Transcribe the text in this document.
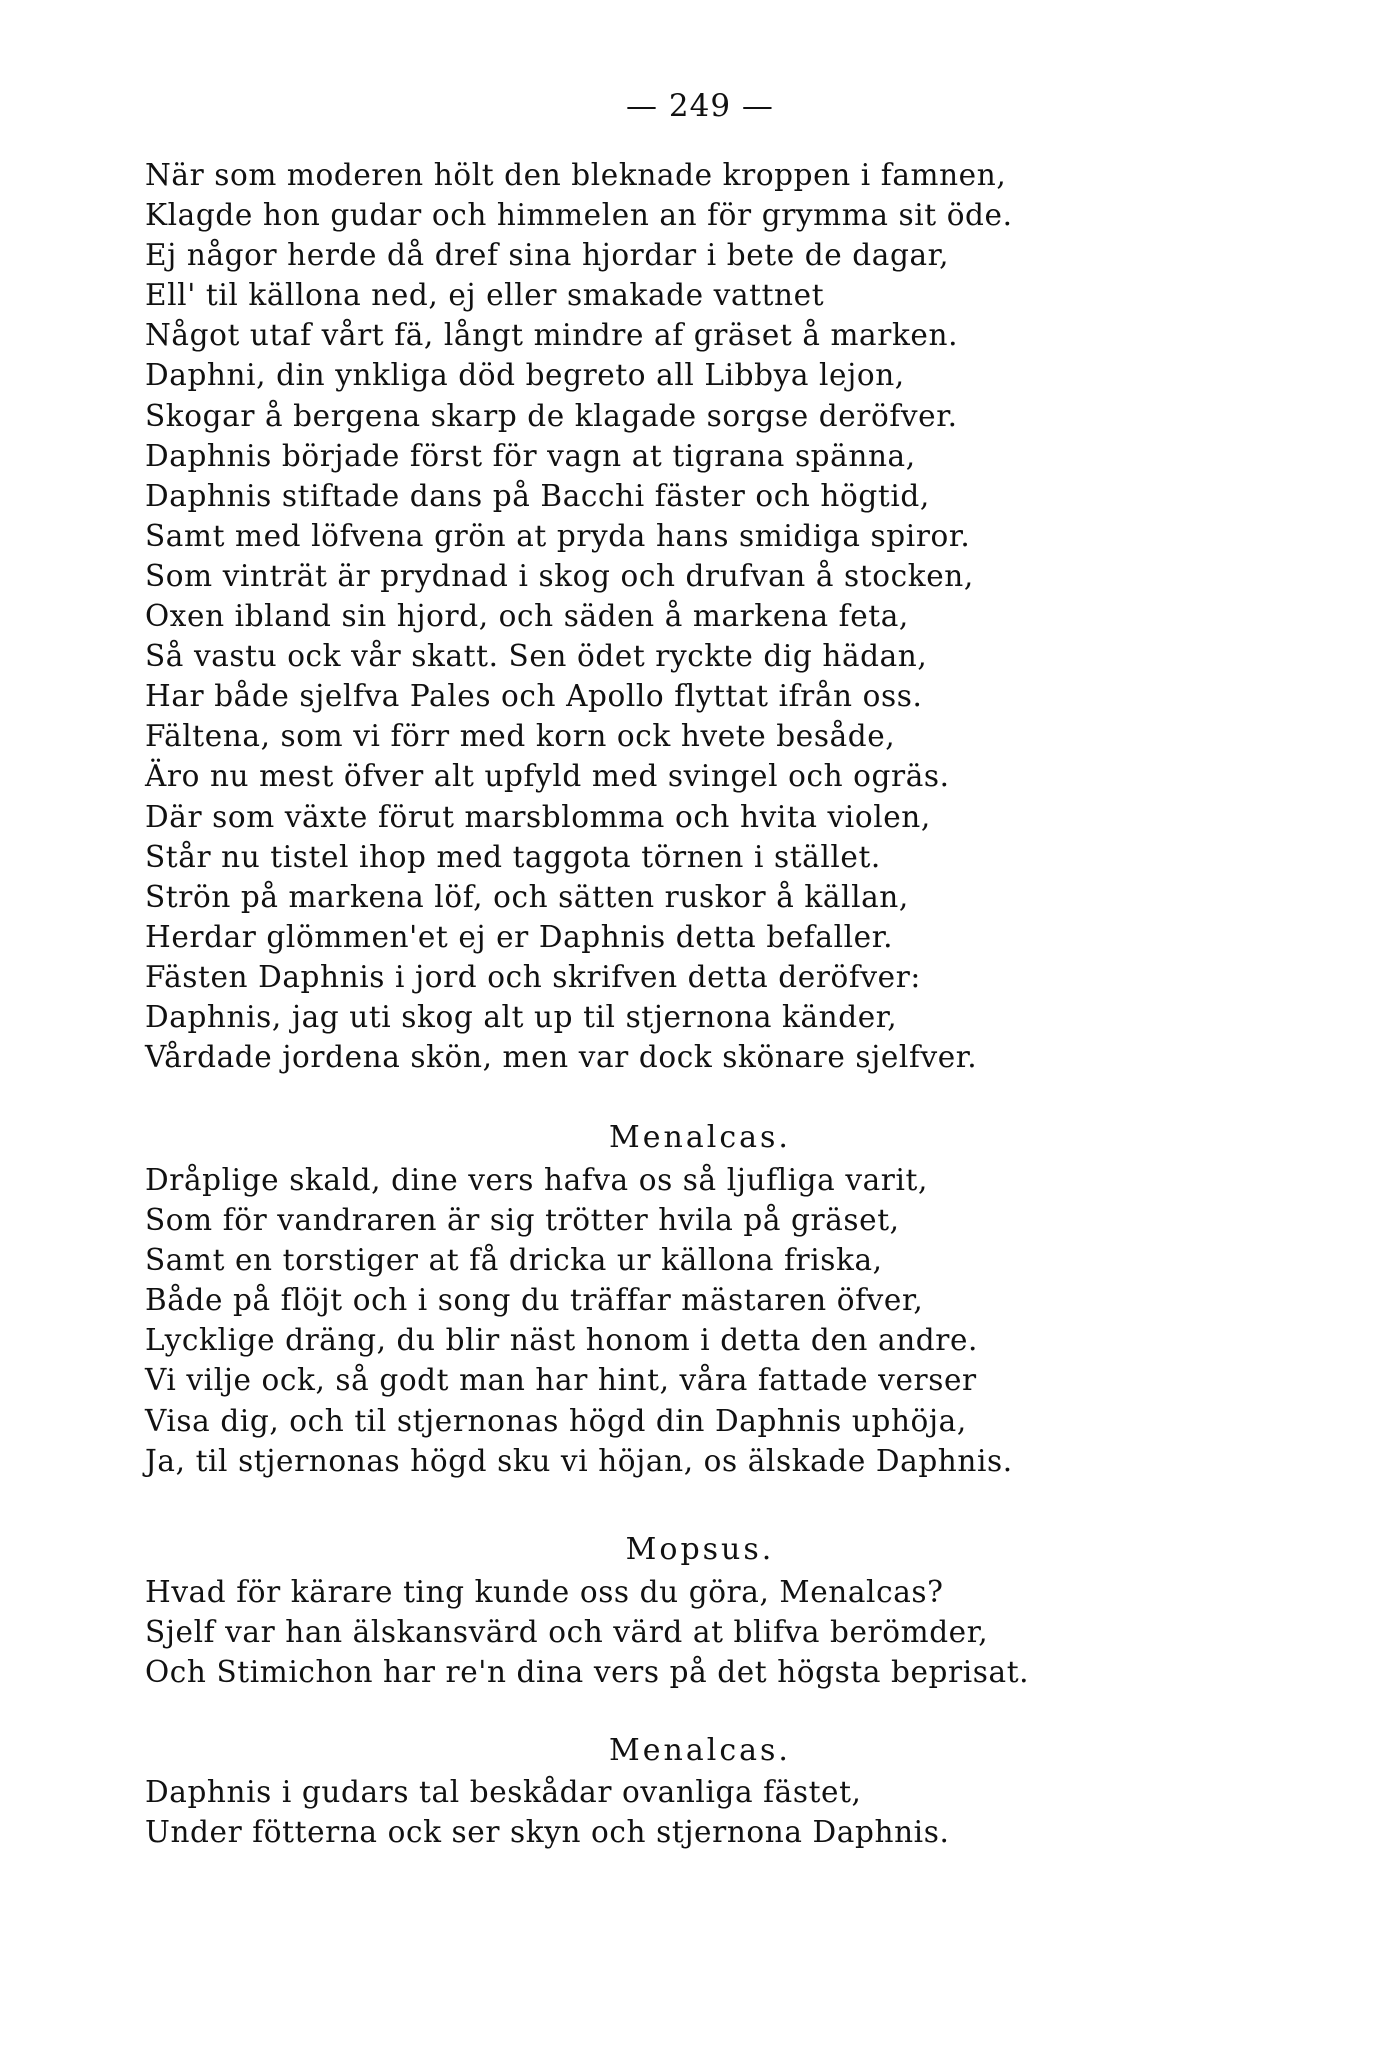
— 249 —
När som moderen hölt den bleknade kroppen i famnen,
Klagde hon gudar och himmelen an för grymma sit öde.
Ej någor herde då dref sina hjordar i bete de dagar,
Ell' til källona ned, ej eller smakade vattnet
Något utaf vårt fä, långt mindre af gräset å marken.
Daphni, din ynkliga död begreto all Libbya lejon,
Skogar å bergena skarp de klagade sorgse deröfver.
Daphnis började först för vagn at tigrana spänna,
Daphnis stiftade dans på Bacchi fäster och högtid,
Samt med löfvena grön at pryda hans smidiga spiror.
Som vinträt är prydnad i skog och drufvan å stocken,
Oxen ibland sin hjord, och säden å markena feta,
Så vastu ock vår skatt. Sen ödet ryckte dig hädan,
Har både sjelfva Pales och Apollo flyttat ifrån oss.
Fältena, som vi förr med korn ock hvete besåde,
Äro nu mest öfver alt upfyld med svingel och ogräs.
Där som växte förut marsblomma och hvita violen,
Står nu tistel ihop med taggota törnen i stället.
Strön på markena löf, och sätten ruskor å källan,
Herdar glömmen'et ej er Daphnis detta befaller.
Fästen Daphnis i jord och skrifven detta deröfver:
Daphnis, jag uti skog alt up til stjernona känder,
Vårdade jordena skön, men var dock skönare sjelfver.
Menalcas.
Dråplige skald, dine vers hafva os så ljufliga varit,
Som för vandraren är sig trötter hvila på gräset,
Samt en torstiger at få dricka ur källona friska,
Både på flöjt och i song du träffar mästaren öfver,
Lycklige dräng, du blir näst honom i detta den andre.
Vi vilje ock, så godt man har hint, våra fattade verser
Visa dig, och til stjernonas högd din Daphnis uphöja,
Ja, til stjernonas högd sku vi höjan, os älskade Daphnis.
Mopsus.
Hvad för kärare ting kunde oss du göra, Menalcas?
Sjelf var han älskansvärd och värd at blifva berömder,
Och Stimichon har re'n dina vers på det högsta beprisat.
Menalcas.
Daphnis i gudars tal beskådar ovanliga fästet,
Under fötterna ock ser skyn och stjernona Daphnis.
